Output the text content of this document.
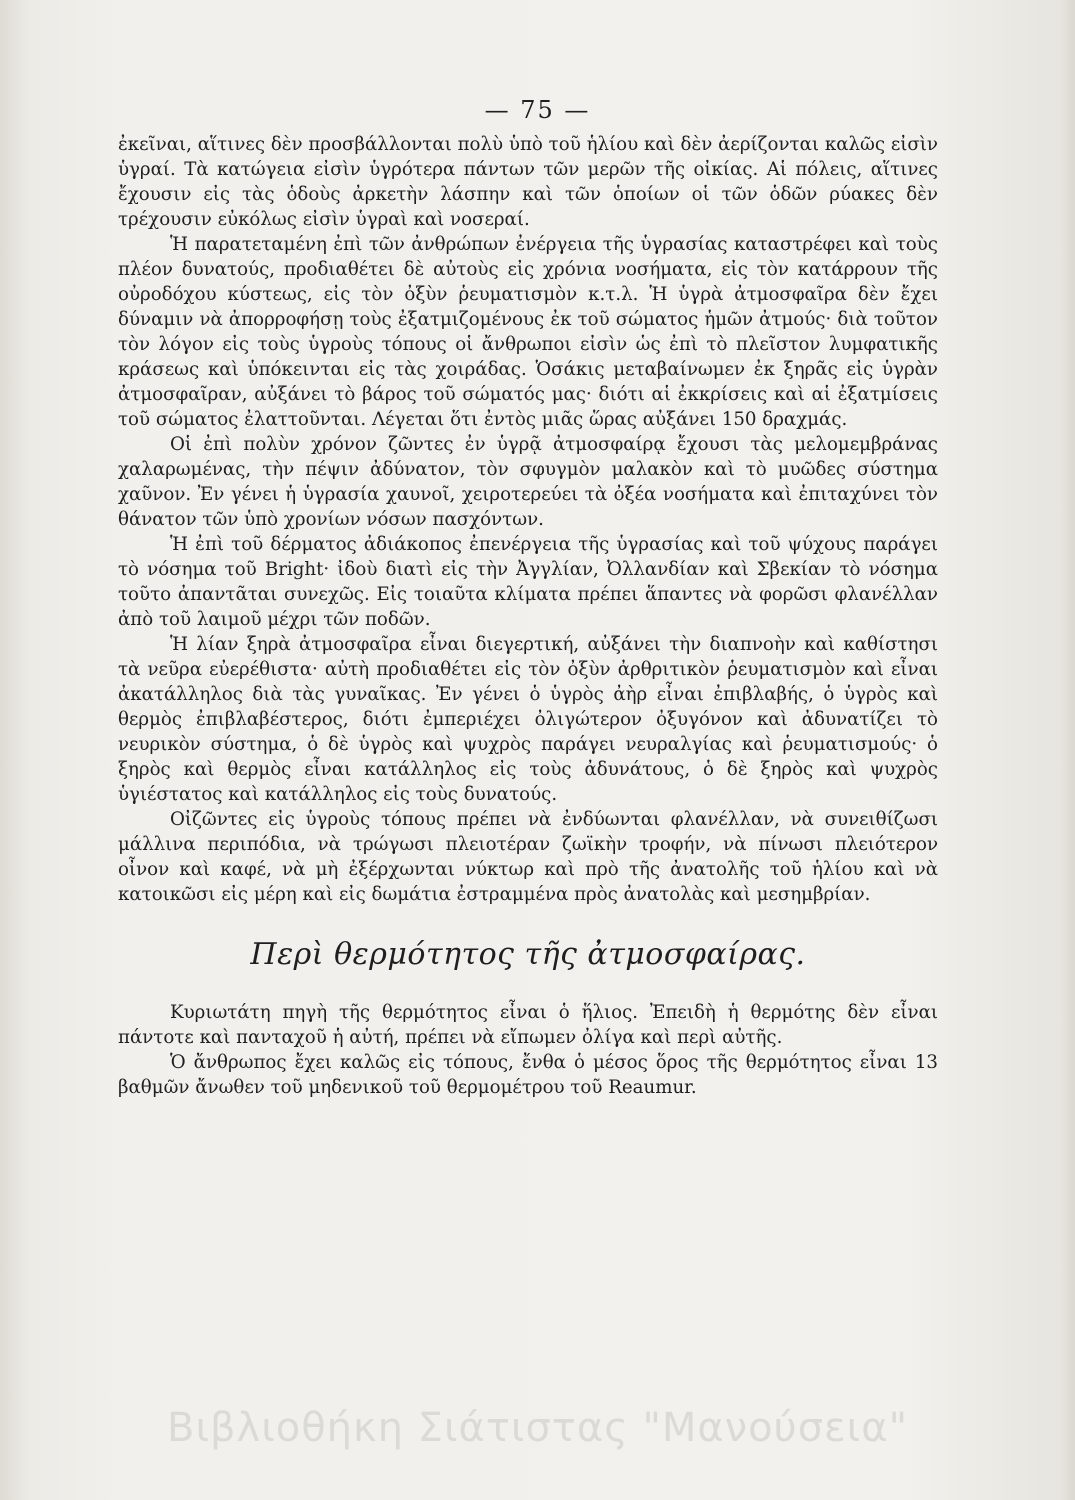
— 75 —

ἐκεῖναι, αἵτινες δὲν προσβάλλονται πολὺ ὑπὸ τοῦ ἡλίου καὶ δὲν ἀερίζονται καλῶς εἰσὶν ὑγραί. Τὰ κατώγεια εἰσὶν ὑγρότερα πάντων τῶν μερῶν τῆς οἰκίας. Αἱ πόλεις, αἵτινες ἔχουσιν εἰς τὰς ὁδοὺς ἀρκετὴν λάσπην καὶ τῶν ὁποίων οἱ τῶν ὁδῶν ρύακες δὲν τρέχουσιν εὐκόλως εἰσὶν ὑγραὶ καὶ νοσεραί.

Ἡ παρατεταμένη ἐπὶ τῶν ἀνθρώπων ἐνέργεια τῆς ὑγρασίας καταστρέφει καὶ τοὺς πλέον δυνατούς, προδιαθέτει δὲ αὐτοὺς εἰς χρόνια νοσήματα, εἰς τὸν κατάρρουν τῆς οὐροδόχου κύστεως, εἰς τὸν ὀξὺν ῥευματισμὸν κ.τ.λ. Ἡ ὑγρὰ ἀτμοσφαῖρα δὲν ἔχει δύναμιν νὰ ἀπορροφήσῃ τοὺς ἐξατμιζομένους ἐκ τοῦ σώματος ἡμῶν ἀτμούς· διὰ τοῦτον τὸν λόγον εἰς τοὺς ὑγροὺς τόπους οἱ ἄνθρωποι εἰσὶν ὡς ἐπὶ τὸ πλεῖστον λυμφατικῆς κράσεως καὶ ὑπόκεινται εἰς τὰς χοιράδας. Ὁσάκις μεταβαίνωμεν ἐκ ξηρᾶς εἰς ὑγρὰν ἀτμοσφαῖραν, αὐξάνει τὸ βάρος τοῦ σώματός μας· διότι αἱ ἐκκρίσεις καὶ αἱ ἐξατμίσεις τοῦ σώματος ἐλαττοῦνται. Λέγεται ὅτι ἐντὸς μιᾶς ὥρας αὐξάνει 150 δραχμάς.

Οἱ ἐπὶ πολὺν χρόνον ζῶντες ἐν ὑγρᾷ ἀτμοσφαίρᾳ ἔχουσι τὰς μελομεμβράνας χαλαρωμένας, τὴν πέψιν ἀδύνατον, τὸν σφυγμὸν μαλακὸν καὶ τὸ μυῶδες σύστημα χαῦνον. Ἐν γένει ἡ ὑγρασία χαυνοῖ, χειροτερεύει τὰ ὀξέα νοσήματα καὶ ἐπιταχύνει τὸν θάνατον τῶν ὑπὸ χρονίων νόσων πασχόντων.

Ἡ ἐπὶ τοῦ δέρματος ἀδιάκοπος ἐπενέργεια τῆς ὑγρασίας καὶ τοῦ ψύχους παράγει τὸ νόσημα τοῦ Bright· ἰδοὺ διατὶ εἰς τὴν Ἀγγλίαν, Ὀλλανδίαν καὶ Σβεκίαν τὸ νόσημα τοῦτο ἀπαντᾶται συνεχῶς. Εἰς τοιαῦτα κλίματα πρέπει ἅπαντες νὰ φορῶσι φλανέλλαν ἀπὸ τοῦ λαιμοῦ μέχρι τῶν ποδῶν.

Ἡ λίαν ξηρὰ ἀτμοσφαῖρα εἶναι διεγερτική, αὐξάνει τὴν διαπνοὴν καὶ καθίστησι τὰ νεῦρα εὐερέθιστα· αὐτὴ προδιαθέτει εἰς τὸν ὀξὺν ἀρθριτικὸν ῥευματισμὸν καὶ εἶναι ἀκατάλληλος διὰ τὰς γυναῖκας. Ἐν γένει ὁ ὑγρὸς ἀὴρ εἶναι ἐπιβλαβής, ὁ ὑγρὸς καὶ θερμὸς ἐπιβλαβέστερος, διότι ἐμπεριέχει ὀλιγώτερον ὀξυγόνον καὶ ἀδυνατίζει τὸ νευρικὸν σύστημα, ὁ δὲ ὑγρὸς καὶ ψυχρὸς παράγει νευραλγίας καὶ ῥευματισμούς· ὁ ξηρὸς καὶ θερμὸς εἶναι κατάλληλος εἰς τοὺς ἀδυνάτους, ὁ δὲ ξηρὸς καὶ ψυχρὸς ὑγιέστατος καὶ κατάλληλος εἰς τοὺς δυνατούς.

Οἰζῶντες εἰς ὑγροὺς τόπους πρέπει νὰ ἐνδύωνται φλανέλλαν, νὰ συνειθίζωσι μάλλινα περιπόδια, νὰ τρώγωσι πλειοτέραν ζωϊκὴν τροφήν, νὰ πίνωσι πλειότερον οἶνον καὶ καφέ, νὰ μὴ ἐξέρχωνται νύκτωρ καὶ πρὸ τῆς ἀνατολῆς τοῦ ἡλίου καὶ νὰ κατοικῶσι εἰς μέρη καὶ εἰς δωμάτια ἐστραμμένα πρὸς ἀνατολὰς καὶ μεσημβρίαν.

Περὶ θερμότητος τῆς ἀτμοσφαίρας.

Κυριωτάτη πηγὴ τῆς θερμότητος εἶναι ὁ ἥλιος. Ἐπειδὴ ἡ θερμότης δὲν εἶναι πάντοτε καὶ πανταχοῦ ἡ αὐτή, πρέπει νὰ εἴπωμεν ὀλίγα καὶ περὶ αὐτῆς.

Ὁ ἄνθρωπος ἔχει καλῶς εἰς τόπους, ἔνθα ὁ μέσος ὅρος τῆς θερμότητος εἶναι 13 βαθμῶν ἄνωθεν τοῦ μηδενικοῦ τοῦ θερμομέτρου τοῦ Reaumur.

Βιβλιοθήκη Σιάτιστας "Μανούσεια"
